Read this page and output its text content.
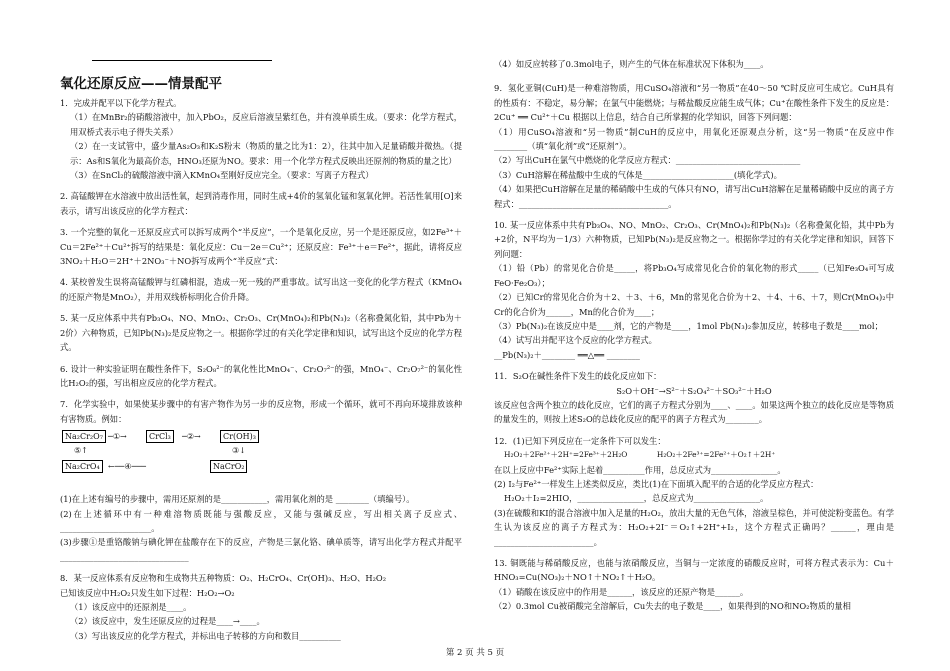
氧化还原反应——情景配平

1．完成并配平以下化学方程式。

（1）在MnBr₂的硝酸溶液中，加入PbO₂，反应后溶液呈紫红色，并有溴单质生成。（要求：化学方程式，用双桥式表示电子得失关系）

（2）在一支试管中，盛少量As₂O₃和K₂S粉末（物质的量之比为1：2），往其中加入足量硝酸并微热。（提示：As和S氧化为最高价态，HNO₃还原为NO。要求：用一个化学方程式反映出还原剂的物质的量之比）

（3）在SnCl₂的硫酸溶液中滴入KMnO₄至刚好反应完全。（要求：写离子方程式）

2. 高锰酸钾在水溶液中放出活性氧，起到消毒作用，同时生成+4价的氢氧化锰和氢氧化钾。若活性氧用[O]来表示，请写出该反应的化学方程式：

3. 一个完整的氧化－还原反应式可以拆写成两个“半反应”，一个是氧化反应，另一个是还原反应，如2Fe³⁺＋Cu＝2Fe²⁺＋Cu²⁺拆写的结果是：氧化反应：Cu－2e＝Cu²⁺；还原反应：Fe³⁺＋e＝Fe²⁺，据此，请将反应3NO₂＋H₂O＝2H⁺＋2NO₃⁻＋NO拆写成两个“半反应”式：

4. 某校曾发生误将高锰酸钾与红磷相混，造成一死一残的严重事故。试写出这一变化的化学方程式（KMnO₄的还原产物是MnO₂），并用双线桥标明化合价升降。

5. 某一反应体系中共有Pb₃O₄、NO、MnO₂、Cr₂O₃、Cr(MnO₄)₂和Pb(N₃)₂（名称叠氮化铅，其中Pb为＋2价）六种物质，已知Pb(N₃)₂是反应物之一。根据你学过的有关化学定律和知识，试写出这个反应的化学方程式。

6. 设计一种实验证明在酸性条件下，S₂O₈²⁻的氧化性比MnO₄⁻、Cr₂O₇²⁻的强，MnO₄⁻、Cr₂O₇²⁻的氧化性比H₂O₂的强，写出相应反应的化学方程式。

7．化学实验中，如果使某步骤中的有害产物作为另一步的反应物，形成一个循环，就可不再向环境排放该种有害物质。例如：

Na₂Cr₂O₇ ─①→	CrCl₃	─②→	Cr(OH)₃
⑤↑	③↓
Na₂CrO₄	←──④───	NaCrO₂

(1)在上述有编号的步骤中，需用还原剂的是___________，需用氧化剂的是 ________（填编号）。

(2)在上述循环中有一种难溶物质既能与强酸反应，又能与强碱反应，写出相关离子反应式、______________________。

(3)步骤①是重铬酸钠与碘化钾在盐酸存在下的反应，产物是三氯化铬、碘单质等，请写出化学方程式并配平_______________________________

8．某一反应体系有反应物和生成物共五种物质：O₂、H₂CrO₄、Cr(OH)₃、H₂O、H₂O₂

已知该反应中H₂O₂只发生如下过程：H₂O₂→O₂

（1）该反应中的还原剂是____。

（2）该反应中，发生还原反应的过程是____→____。

（3）写出该反应的化学方程式，并标出电子转移的方向和数目__________

（4）如反应转移了0.3mol电子，则产生的气体在标准状况下体积为____。

9．氢化亚铜(CuH)是一种难溶物质，用CuSO₄溶液和“另一物质”在40～50 ℃时反应可生成它。CuH具有的性质有：不稳定，易分解；在氯气中能燃烧；与稀盐酸反应能生成气体；Cu⁺在酸性条件下发生的反应是：2Cu⁺ ══ Cu²⁺＋Cu 根据以上信息，结合自己所掌握的化学知识，回答下列问题：

（1）用CuSO₄溶液和“另一物质”制CuH的反应中，用氧化还原观点分析，这“另一物质”在反应中作________（填“氧化剂”或“还原剂”）。

（2）写出CuH在氯气中燃烧的化学反应方程式：______________________________

（3）CuH溶解在稀盐酸中生成的气体是______________________(填化学式)。

（4）如果把CuH溶解在足量的稀硝酸中生成的气体只有NO，请写出CuH溶解在足量稀硝酸中反应的离子方程式：____________________________________。

10. 某一反应体系中共有Pb₃O₄、NO、MnO₂、Cr₂O₃、Cr(MnO₄)₂和Pb(N₃)₂（名称叠氮化铅，其中Pb为+2价，N平均为－1/3）六种物质，已知Pb(N₃)₂是反应物之一。根据你学过的有关化学定律和知识，回答下列问题：

（1）铅（Pb）的常见化合价是_____，将Pb₃O₄写成常见化合价的氧化物的形式_____（已知Fe₃O₄可写成FeO·Fe₂O₃）；

（2）已知Cr的常见化合价为＋2、＋3、＋6，Mn的常见化合价为＋2、＋4、＋6、＋7，则Cr(MnO₄)₂中Cr的化合价为______，Mn的化合价为____；

（3）Pb(N₃)₂在该反应中是____剂，它的产物是____，1mol Pb(N₃)₂参加反应，转移电子数是____mol；

（4）试写出并配平这个反应的化学方程式。

__Pb(N₃)₂＋________ ══△══ ________

11．S₂O在碱性条件下发生的歧化反应如下：

S₂O＋OH⁻→S²⁻＋S₂O₄²⁻＋SO₃²⁻＋H₂O

该反应包含两个独立的歧化反应，它们的离子方程式分别为____、____。如果这两个独立的歧化反应是等物质的量发生的，则按上述S₂O的总歧化反应的配平的离子方程式为________。

12．(1)已知下列反应在一定条件下可以发生：

H₂O₂＋2Fe²⁺＋2H⁺=2Fe³⁺＋2H₂O　　　　H₂O₂＋2Fe³⁺=2Fe²⁺＋O₂↑＋2H⁺

在以上反应中Fe²⁺实际上起着__________作用，总反应式为________________。

(2) I₂与Fe²⁺一样发生上述类似反应，类比(1)在下面填入配平的合适的化学反应方程式：

H₂O₂＋I₂=2HIO，________________，总反应式为________________。

(3)在硫酸和KI的混合溶液中加入足量的H₂O₂，放出大量的无色气体，溶液呈棕色，并可使淀粉变蓝色。有学生认为该反应的离子方程式为：H₂O₂+2I⁻＝O₂↑+2H⁺+I₂，这个方程式正确吗？______，理由是________________________。

13. 铜既能与稀硝酸反应，也能与浓硝酸反应，当铜与一定浓度的硝酸反应时，可将方程式表示为：Cu＋HNO₃=Cu(NO₃)₂＋NO↑＋NO₂↑＋H₂O。

（1）硝酸在该反应中的作用是______，该反应的还原产物是______。

（2）0.3mol Cu被硝酸完全溶解后，Cu失去的电子数是____，如果得到的NO和NO₂物质的量相

第 2 页 共 5 页
